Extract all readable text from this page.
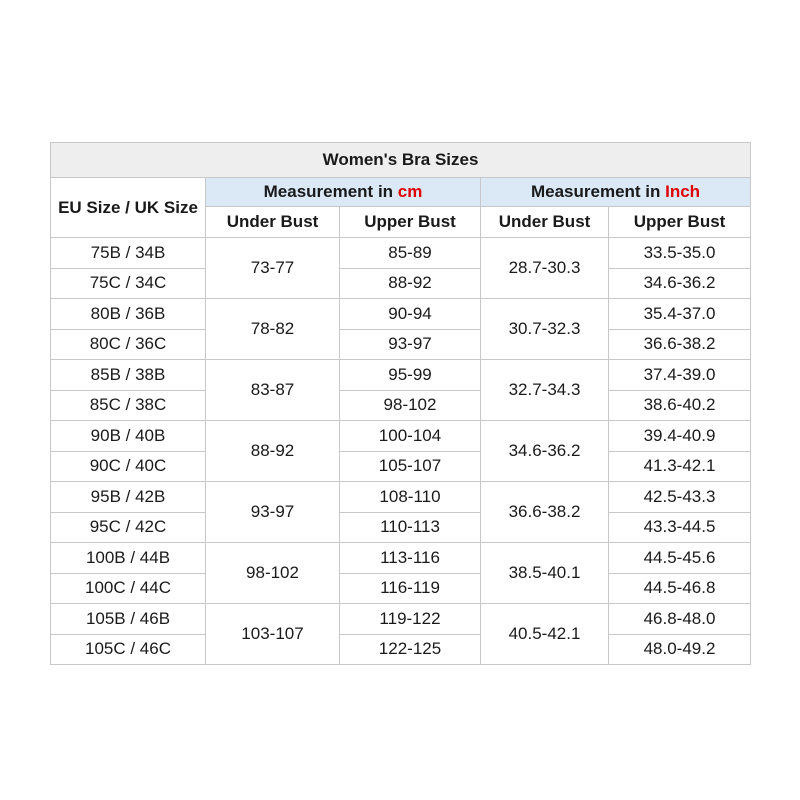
Women's Bra Sizes				
EU Size / UK Size	Measurement in cm		Measurement in Inch	
	Under Bust	Upper Bust	Under Bust	Upper Bust
75B / 34B	73-77	85-89	28.7-30.3	33.5-35.0
75C / 34C		88-92		34.6-36.2
80B / 36B	78-82	90-94	30.7-32.3	35.4-37.0
80C / 36C		93-97		36.6-38.2
85B / 38B	83-87	95-99	32.7-34.3	37.4-39.0
85C / 38C		98-102		38.6-40.2
90B / 40B	88-92	100-104	34.6-36.2	39.4-40.9
90C / 40C		105-107		41.3-42.1
95B / 42B	93-97	108-110	36.6-38.2	42.5-43.3
95C / 42C		110-113		43.3-44.5
100B / 44B	98-102	113-116	38.5-40.1	44.5-45.6
100C / 44C		116-119		44.5-46.8
105B / 46B	103-107	119-122	40.5-42.1	46.8-48.0
105C / 46C		122-125		48.0-49.2
